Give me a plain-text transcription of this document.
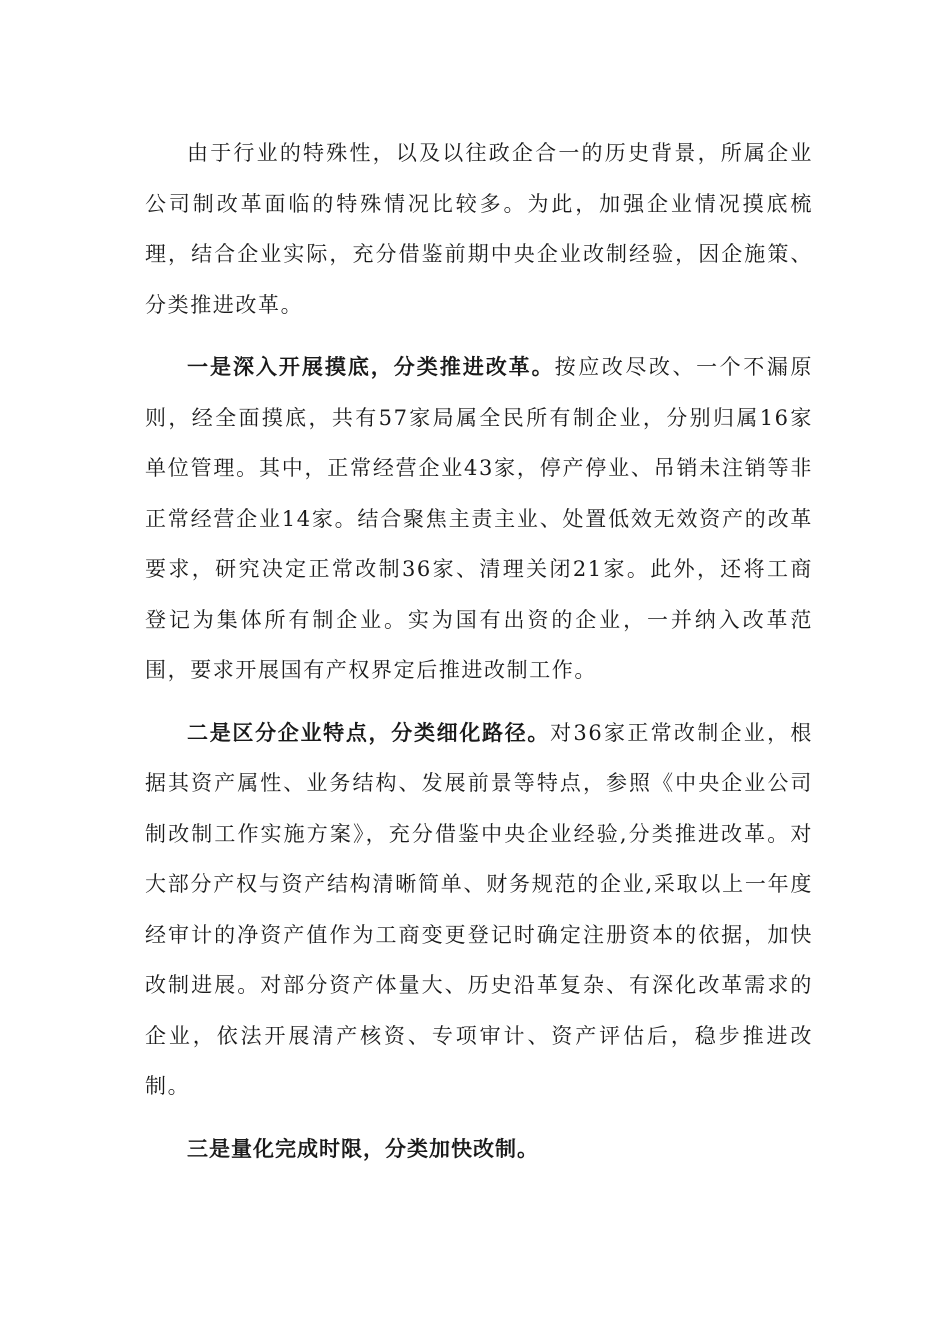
由于行业的特殊性，以及以往政企合一的历史背景，所属企业公司制改革面临的特殊情况比较多。为此，加强企业情况摸底梳理，结合企业实际，充分借鉴前期中央企业改制经验，因企施策、分类推进改革。

一是深入开展摸底，分类推进改革。按应改尽改、一个不漏原则，经全面摸底，共有57家局属全民所有制企业，分别归属16家单位管理。其中，正常经营企业43家，停产停业、吊销未注销等非正常经营企业14家。结合聚焦主责主业、处置低效无效资产的改革要求，研究决定正常改制36家、清理关闭21家。此外，还将工商登记为集体所有制企业。实为国有出资的企业，一并纳入改革范围，要求开展国有产权界定后推进改制工作。

二是区分企业特点，分类细化路径。对36家正常改制企业，根据其资产属性、业务结构、发展前景等特点，参照《中央企业公司制改制工作实施方案》，充分借鉴中央企业经验,分类推进改革。对大部分产权与资产结构清晰简单、财务规范的企业,采取以上一年度经审计的净资产值作为工商变更登记时确定注册资本的依据，加快改制进展。对部分资产体量大、历史沿革复杂、有深化改革需求的企业，依法开展清产核资、专项审计、资产评估后，稳步推进改制。

三是量化完成时限，分类加快改制。
